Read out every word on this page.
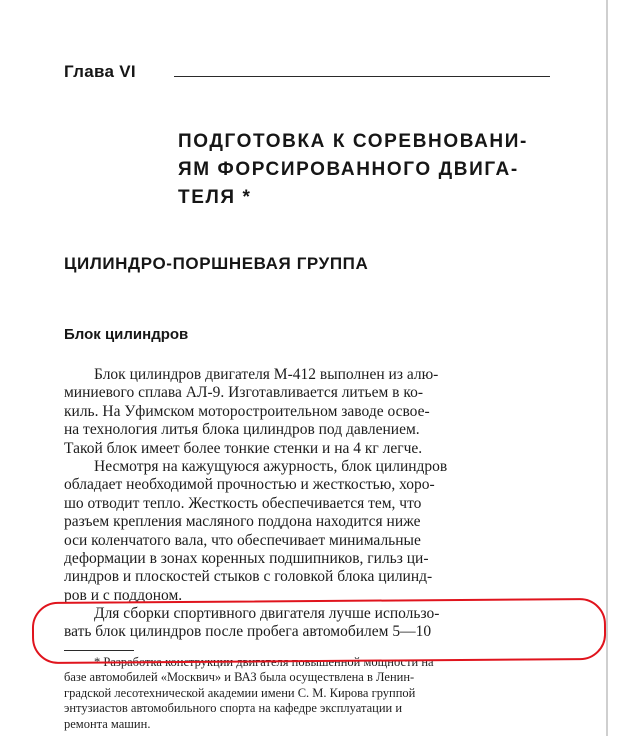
Глава VI
ПОДГОТОВКА К СОРЕВНОВАНИ-
ЯМ ФОРСИРОВАННОГО ДВИГА-
ТЕЛЯ *
ЦИЛИНДРО-ПОРШНЕВАЯ ГРУППА
Блок цилиндров
Блок цилиндров двигателя М-412 выполнен из алю-
миниевого сплава АЛ-9. Изготавливается литьем в ко-
киль. На Уфимском моторостроительном заводе освое-
на технология литья блока цилиндров под давлением.
Такой блок имеет более тонкие стенки и на 4 кг легче.
Несмотря на кажущуюся ажурность, блок цилиндров
обладает необходимой прочностью и жесткостью, хоро-
шо отводит тепло. Жесткость обеспечивается тем, что
разъем крепления масляного поддона находится ниже
оси коленчатого вала, что обеспечивает минимальные
деформации в зонах коренных подшипников, гильз ци-
линдров и плоскостей стыков с головкой блока цилинд-
ров и с поддоном.
Для сборки спортивного двигателя лучше использо-
вать блок цилиндров после пробега автомобилем 5—10
* Разработка конструкции двигателя повышенной мощности на
базе автомобилей «Москвич» и ВАЗ была осуществлена в Ленин-
градской лесотехнической академии имени С. М. Кирова группой
энтузиастов автомобильного спорта на кафедре эксплуатации и
ремонта машин.
